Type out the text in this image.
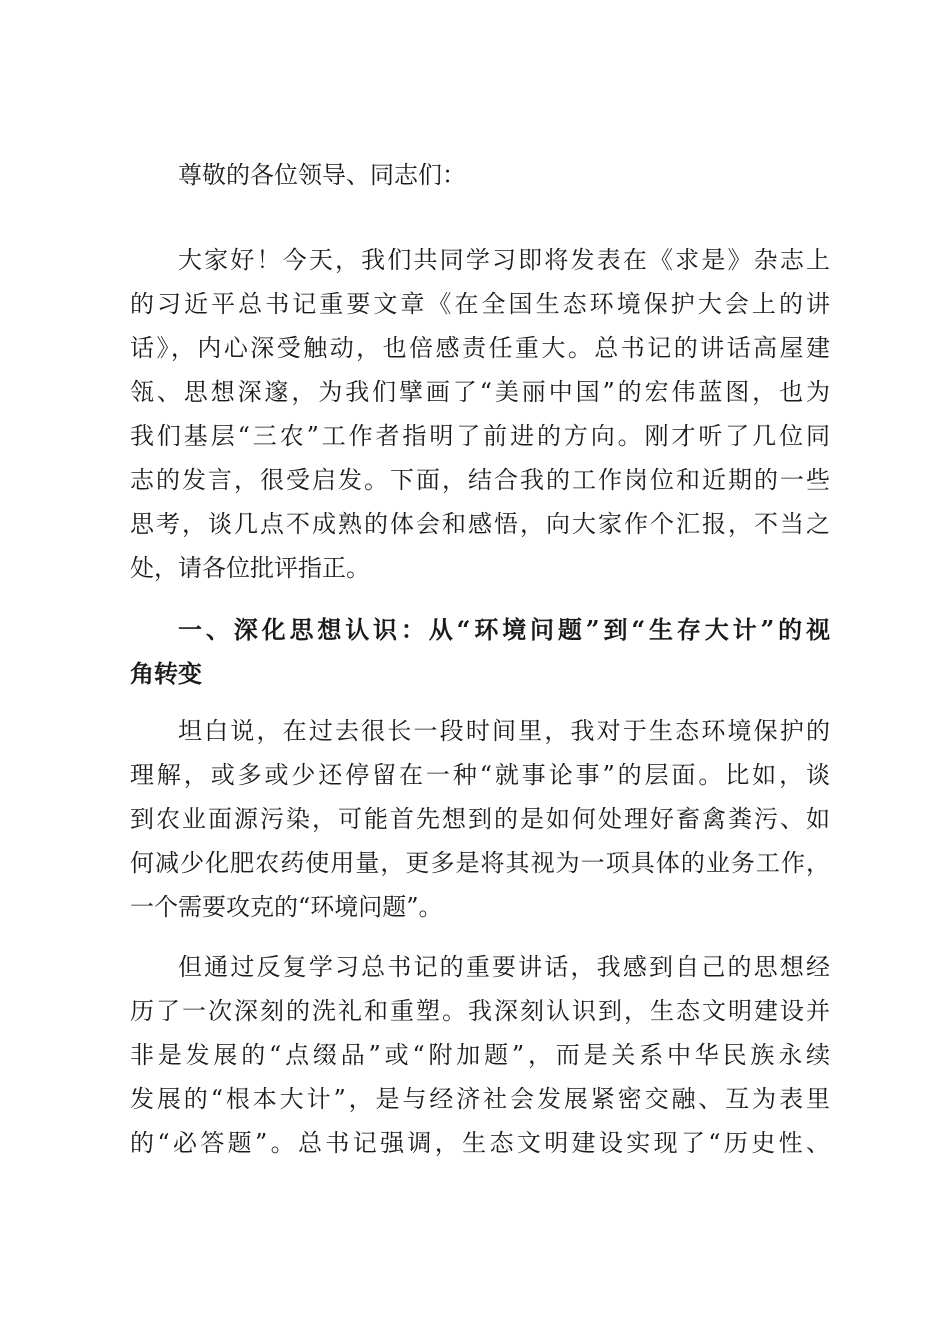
尊敬的各位领导、同志们：
大家好！今天，我们共同学习即将发表在《求是》杂志上
的习近平总书记重要文章《在全国生态环境保护大会上的讲
话》，内心深受触动，也倍感责任重大。总书记的讲话高屋建
瓴、思想深邃，为我们擘画了“美丽中国”的宏伟蓝图，也为
我们基层“三农”工作者指明了前进的方向。刚才听了几位同
志的发言，很受启发。下面，结合我的工作岗位和近期的一些
思考，谈几点不成熟的体会和感悟，向大家作个汇报，不当之
处，请各位批评指正。
一、深化思想认识：从“环境问题”到“生存大计”的视
角转变
坦白说，在过去很长一段时间里，我对于生态环境保护的
理解，或多或少还停留在一种“就事论事”的层面。比如，谈
到农业面源污染，可能首先想到的是如何处理好畜禽粪污、如
何减少化肥农药使用量，更多是将其视为一项具体的业务工作，
一个需要攻克的“环境问题”。
但通过反复学习总书记的重要讲话，我感到自己的思想经
历了一次深刻的洗礼和重塑。我深刻认识到，生态文明建设并
非是发展的“点缀品”或“附加题”，而是关系中华民族永续
发展的“根本大计”，是与经济社会发展紧密交融、互为表里
的“必答题”。总书记强调，生态文明建设实现了“历史性、
